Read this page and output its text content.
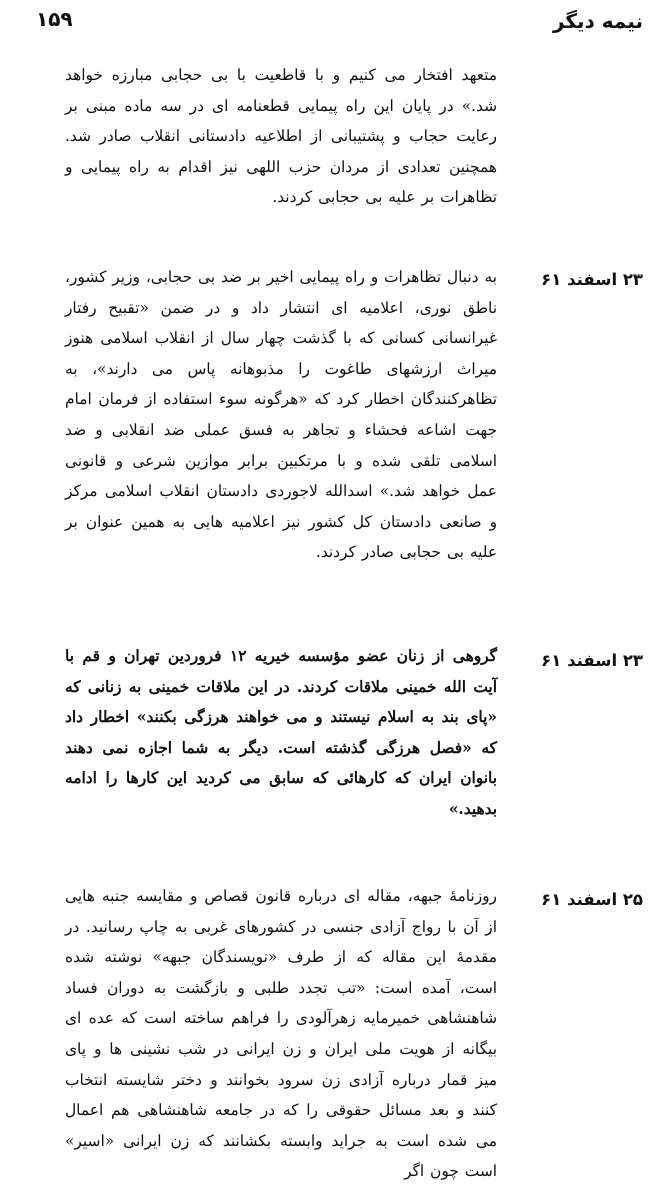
نیمه دیگر
۱۵۹
متعهد افتخار می کنیم و با قاطعیت با بی حجابی مبارزه خواهد شد.» در پایان این راه پیمایی قطعنامه ای در سه ماده مبنی بر رعایت حجاب و پشتیبانی از اطلاعیه دادستانی انقلاب صادر شد. همچنین تعدادی از مردان حزب اللهی نیز اقدام به راه پیمایی و تظاهرات بر علیه بی حجابی کردند.
۲۳ اسفند ۶۱
به دنبال تظاهرات و راه پیمایی اخیر بر ضد بی حجابی، وزیر کشور، ناطق نوری، اعلامیه ای انتشار داد و در ضمن «تقبیح رفتار غیرانسانی کسانی که با گذشت چهار سال از انقلاب اسلامی هنوز میراث ارزشهای طاغوت را مذبوهانه پاس می دارند»، به تظاهرکنندگان اخطار کرد که «هرگونه سوء استفاده از فرمان امام جهت اشاعه فحشاء و تجاهر به فسق عملی ضد انقلابی و ضد اسلامی تلقی شده و با مرتکبین برابر موازین شرعی و قانونی عمل خواهد شد.» اسدالله لاجوردی دادستان انقلاب اسلامی مرکز و صانعی دادستان کل کشور نیز اعلامیه هایی به همین عنوان بر علیه بی حجابی صادر کردند.
۲۳ اسفند ۶۱
گروهی از زنان عضو مؤسسه خیریه ۱۲ فروردین تهران و قم با آیت الله خمینی ملاقات کردند. در این ملاقات خمینی به زنانی که «پای بند به اسلام نیستند و می خواهند هرزگی بکنند» اخطار داد که «فصل هرزگی گذشته است. دیگر به شما اجازه نمی دهند بانوان ایران که کارهائی که سابق می کردید این کارها را ادامه بدهید.»
۲۵ اسفند ۶۱
روزنامهٔ جبهه، مقاله ای درباره قانون قصاص و مقایسه جنبه هایی از آن با رواج آزادی جنسی در کشورهای غربی به چاپ رسانید. در مقدمهٔ این مقاله که از طرف «نویسندگان جبهه» نوشته شده است، آمده است: «تب تجدد طلبی و بازگشت به دوران فساد شاهنشاهی خمیرمایه زهرآلودی را فراهم ساخته است که عده ای بیگانه از هویت ملی ایران و زن ایرانی در شب نشینی ها و پای میز قمار درباره آزادی زن سرود بخوانند و دختر شایسته انتخاب کنند و بعد مسائل حقوقی را که در جامعه شاهنشاهی هم اعمال می شده است به جراید وابسته بکشانند که زن ایرانی «اسیر» است چون اگر
